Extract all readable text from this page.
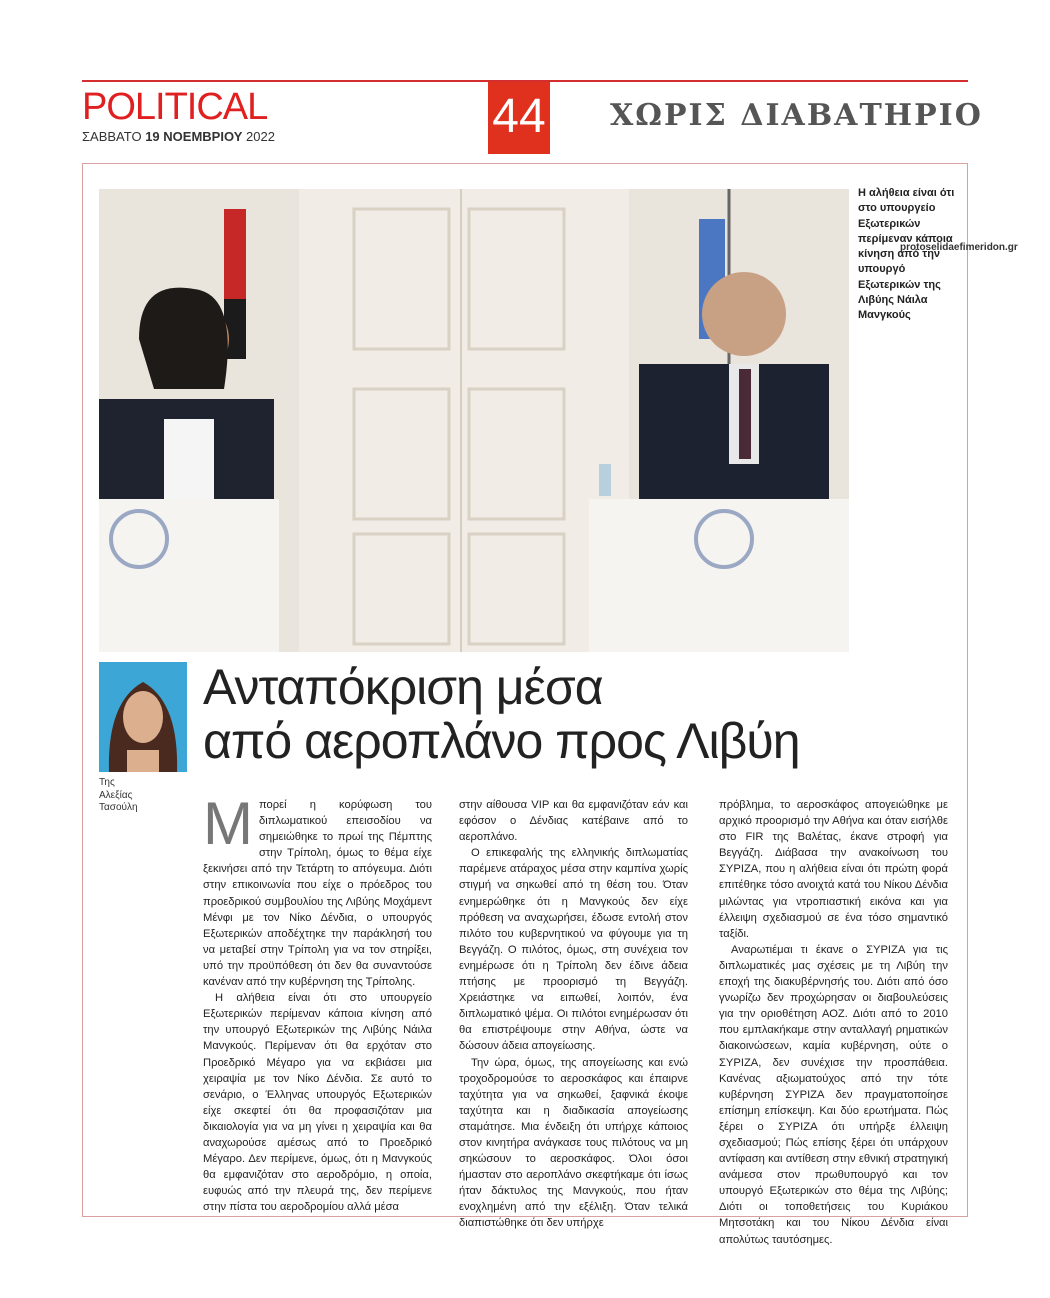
POLITICAL
ΣΑΒΒΑΤΟ 19 ΝΟΕΜΒΡΙΟΥ 2022	44 ΧΩΡΙΣ ΔΙΑΒΑΤΗΡΙΟ
Η αλήθεια είναι ότι στο υπουργείο Εξωτερικών περίμεναν κάποια κίνηση από την υπουργό Εξωτερικών της Λιβύης Νάιλα Μανγκούς
protoselidaefimeridon.gr
Της
Αλεξίας
Τασούλη
Ανταπόκριση μέσα
από αεροπλάνο προς Λιβύη

Μπορεί η κορύφωση του διπλωματικού επεισοδίου να σημειώθηκε το πρωί της Πέμπτης στην Τρίπολη, όμως το θέμα είχε ξεκινήσει από την Τετάρτη το απόγευμα. Διότι στην επικοινωνία που είχε ο πρόεδρος του προεδρικού συμβουλίου της Λιβύης Μοχάμεντ Μένφι με τον Νίκο Δένδια, ο υπουργός Εξωτερικών αποδέχτηκε την παράκλησή του να μεταβεί στην Τρίπολη για να τον στηρίξει, υπό την προϋπόθεση ότι δεν θα συναντούσε κανέναν από την κυβέρνηση της Τρίπολης.

Η αλήθεια είναι ότι στο υπουργείο Εξωτερικών περίμεναν κάποια κίνηση από την υπουργό Εξωτερικών της Λιβύης Νάιλα Μανγκούς. Περίμεναν ότι θα ερχόταν στο Προεδρικό Μέγαρο για να εκβιάσει μια χειραψία με τον Νίκο Δένδια. Σε αυτό το σενάριο, ο Έλληνας υπουργός Εξωτερικών είχε σκεφτεί ότι θα προφασιζόταν μια δικαιολογία για να μη γίνει η χειραψία και θα αναχωρούσε αμέσως από το Προεδρικό Μέγαρο. Δεν περίμενε, όμως, ότι η Μανγκούς θα εμφανιζόταν στο αεροδρόμιο, η οποία, ευφυώς από την πλευρά της, δεν περίμενε στην πίστα του αεροδρομίου αλλά μέσα

στην αίθουσα VIP και θα εμφανιζόταν εάν και εφόσον ο Δένδιας κατέβαινε από το αεροπλάνο.

Ο επικεφαλής της ελληνικής διπλωματίας παρέμενε ατάραχος μέσα στην καμπίνα χωρίς στιγμή να σηκωθεί από τη θέση του. Όταν ενημερώθηκε ότι η Μανγκούς δεν είχε πρόθεση να αναχωρήσει, έδωσε εντολή στον πιλότο του κυβερνητικού να φύγουμε για τη Βεγγάζη. Ο πιλότος, όμως, στη συνέχεια τον ενημέρωσε ότι η Τρίπολη δεν έδινε άδεια πτήσης με προορισμό τη Βεγγάζη. Χρειάστηκε να ειπωθεί, λοιπόν, ένα διπλωματικό ψέμα. Οι πιλότοι ενημέρωσαν ότι θα επιστρέψουμε στην Αθήνα, ώστε να δώσουν άδεια απογείωσης.

Την ώρα, όμως, της απογείωσης και ενώ τροχοδρομούσε το αεροσκάφος και έπαιρνε ταχύτητα για να σηκωθεί, ξαφνικά έκοψε ταχύτητα και η διαδικασία απογείωσης σταμάτησε. Μια ένδειξη ότι υπήρχε κάποιος στον κινητήρα ανάγκασε τους πιλότους να μη σηκώσουν το αεροσκάφος. Όλοι όσοι ήμασταν στο αεροπλάνο σκεφτήκαμε ότι ίσως ήταν δάκτυλος της Μανγκούς, που ήταν ενοχλημένη από την εξέλιξη. Όταν τελικά διαπιστώθηκε ότι δεν υπήρχε

πρόβλημα, το αεροσκάφος απογειώθηκε με αρχικό προορισμό την Αθήνα και όταν εισήλθε στο FIR της Βαλέτας, έκανε στροφή για Βεγγάζη. Διάβασα την ανακοίνωση του ΣΥΡΙΖΑ, που η αλήθεια είναι ότι πρώτη φορά επιτέθηκε τόσο ανοιχτά κατά του Νίκου Δένδια μιλώντας για ντροπιαστική εικόνα και για έλλειψη σχεδιασμού σε ένα τόσο σημαντικό ταξίδι.

Αναρωτιέμαι τι έκανε ο ΣΥΡΙΖΑ για τις διπλωματικές μας σχέσεις με τη Λιβύη την εποχή της διακυβέρνησής του. Διότι από όσο γνωρίζω δεν προχώρησαν οι διαβουλεύσεις για την οριοθέτηση ΑΟΖ. Διότι από το 2010 που εμπλακήκαμε στην ανταλλαγή ρηματικών διακοινώσεων, καμία κυβέρνηση, ούτε ο ΣΥΡΙΖΑ, δεν συνέχισε την προσπάθεια. Κανένας αξιωματούχος από την τότε κυβέρνηση ΣΥΡΙΖΑ δεν πραγματοποίησε επίσημη επίσκεψη. Και δύο ερωτήματα. Πώς ξέρει ο ΣΥΡΙΖΑ ότι υπήρξε έλλειψη σχεδιασμού; Πώς επίσης ξέρει ότι υπάρχουν αντίφαση και αντίθεση στην εθνική στρατηγική ανάμεσα στον πρωθυπουργό και τον υπουργό Εξωτερικών στο θέμα της Λιβύης; Διότι οι τοποθετήσεις του Κυριάκου Μητσοτάκη και του Νίκου Δένδια είναι απολύτως ταυτόσημες.
